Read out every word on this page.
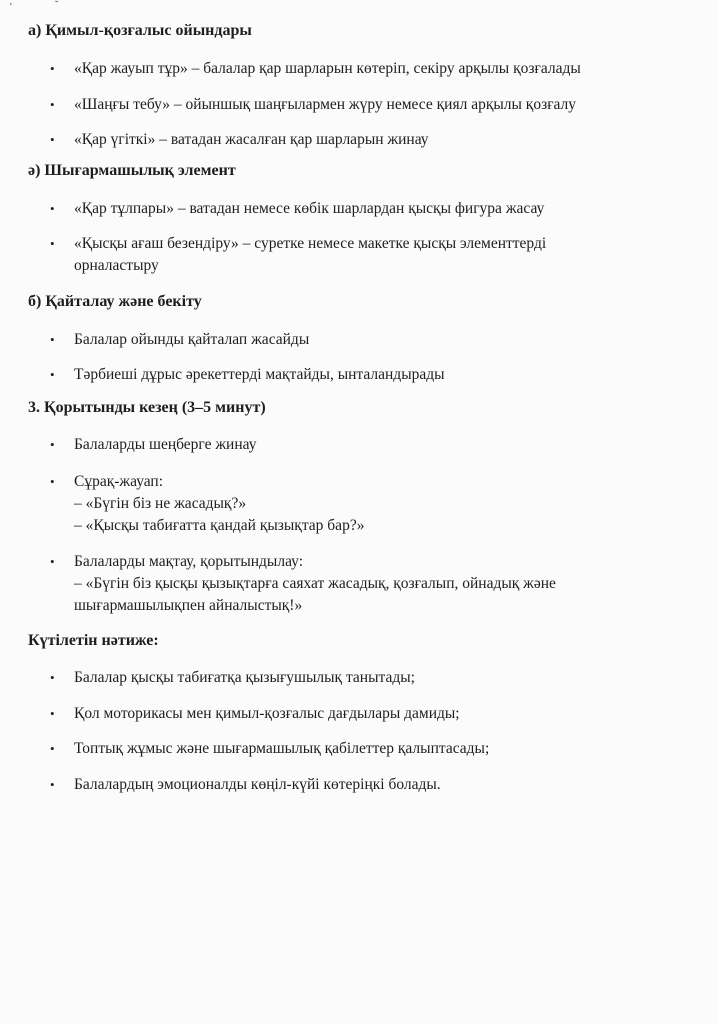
'	˘
а) Қимыл-қозғалыс ойындары
• «Қар жауып тұр» – балалар қар шарларын көтеріп, секіру арқылы қозғалады
• «Шаңғы тебу» – ойыншық шаңғылармен жүру немесе қиял арқылы қозғалу
• «Қар үгіткі» – ватадан жасалған қар шарларын жинау
ә) Шығармашылық элемент
• «Қар тұлпары» – ватадан немесе көбік шарлардан қысқы фигура жасау
• «Қысқы ағаш безендіру» – суретке немесе макетке қысқы элементтерді
орналастыру
б) Қайталау және бекіту
• Балалар ойынды қайталап жасайды
• Тәрбиеші дұрыс әрекеттерді мақтайды, ынталандырады
3. Қорытынды кезең (3–5 минут)
• Балаларды шеңберге жинау
• Сұрақ-жауап:
– «Бүгін біз не жасадық?»
– «Қысқы табиғатта қандай қызықтар бар?»
• Балаларды мақтау, қорытындылау:
– «Бүгін біз қысқы қызықтарға саяхат жасадық, қозғалып, ойнадық және
шығармашылықпен айналыстық!»
Күтілетін нәтиже:
• Балалар қысқы табиғатқа қызығушылық танытады;
• Қол моторикасы мен қимыл-қозғалыс дағдылары дамиды;
• Топтық жұмыс және шығармашылық қабілеттер қалыптасады;
• Балалардың эмоционалды көңіл-күйі көтеріңкі болады.
